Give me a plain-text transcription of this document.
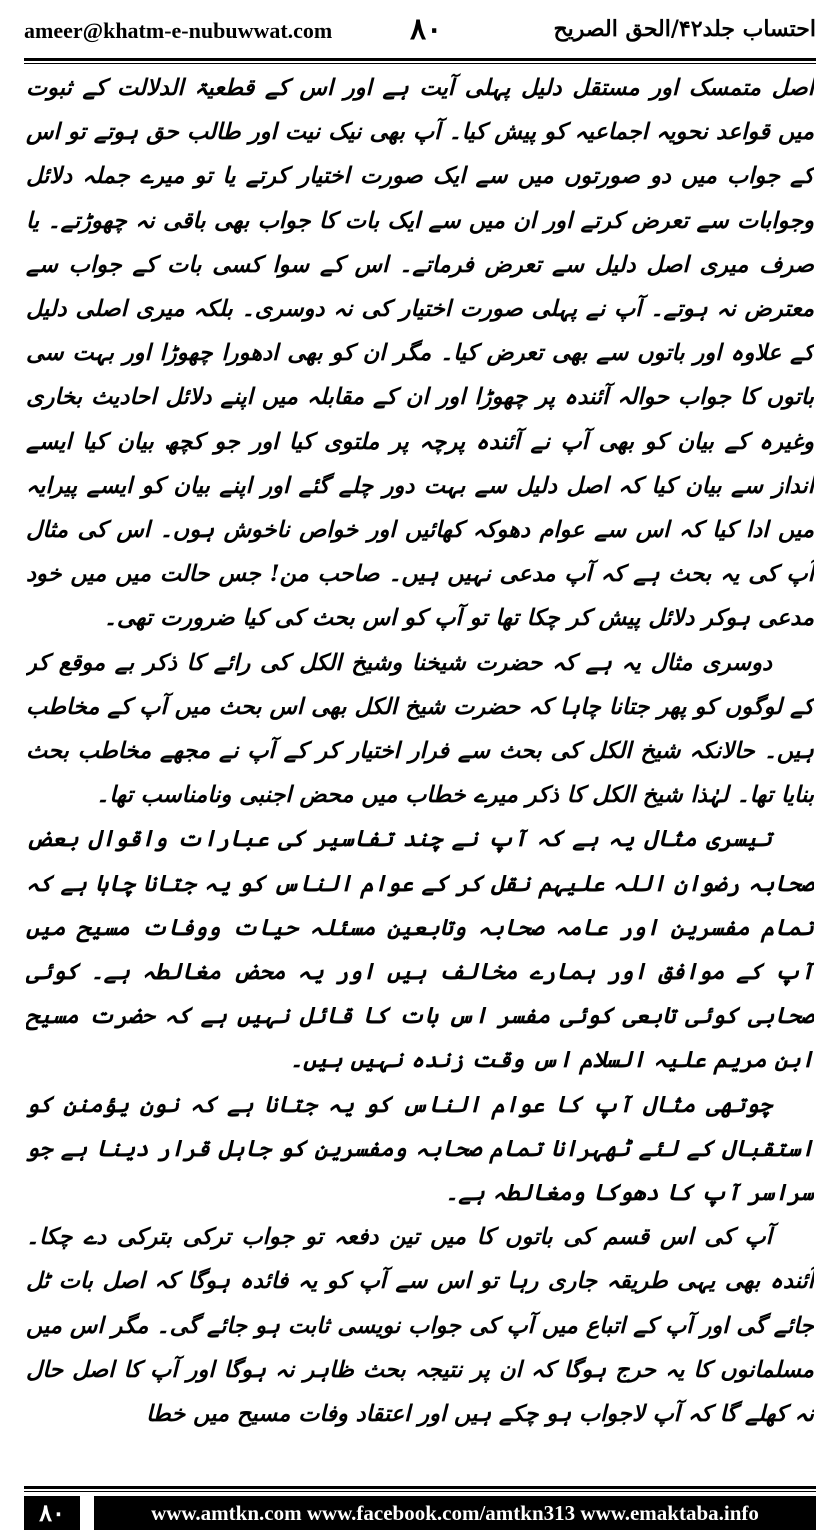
ameer@khatm-e-nubuwwat.com	۸۰	احتساب جلد۴۲/الحق الصریح

اصل متمسک اور مستقل دلیل پہلی آیت ہے اور اس کے قطعیۃ الدلالت کے ثبوت میں قواعد نحویہ اجماعیہ کو پیش کیا۔ آپ بھی نیک نیت اور طالب حق ہوتے تو اس کے جواب میں دو صورتوں میں سے ایک صورت اختیار کرتے یا تو میرے جملہ دلائل وجوابات سے تعرض کرتے اور ان میں سے ایک بات کا جواب بھی باقی نہ چھوڑتے۔ یا صرف میری اصل دلیل سے تعرض فرماتے۔ اس کے سوا کسی بات کے جواب سے معترض نہ ہوتے۔ آپ نے پہلی صورت اختیار کی نہ دوسری۔ بلکہ میری اصلی دلیل کے علاوہ اور باتوں سے بھی تعرض کیا۔ مگر ان کو بھی ادھورا چھوڑا اور بہت سی باتوں کا جواب حوالہ آئندہ پر چھوڑا اور ان کے مقابلہ میں اپنے دلائل احادیث بخاری وغیرہ کے بیان کو بھی آپ نے آئندہ پرچہ پر ملتوی کیا اور جو کچھ بیان کیا ایسے انداز سے بیان کیا کہ اصل دلیل سے بہت دور چلے گئے اور اپنے بیان کو ایسے پیرایہ میں ادا کیا کہ اس سے عوام دھوکہ کھائیں اور خواص ناخوش ہوں۔ اس کی مثال آپ کی یہ بحث ہے کہ آپ مدعی نہیں ہیں۔ صاحب من! جس حالت میں میں خود مدعی ہوکر دلائل پیش کر چکا تھا تو آپ کو اس بحث کی کیا ضرورت تھی۔

دوسری مثال یہ ہے کہ حضرت شیخنا وشیخ الکل کی رائے کا ذکر بے موقع کر کے لوگوں کو پھر جتانا چاہا کہ حضرت شیخ الکل بھی اس بحث میں آپ کے مخاطب ہیں۔ حالانکہ شیخ الکل کی بحث سے فرار اختیار کر کے آپ نے مجھے مخاطب بحث بنایا تھا۔ لہٰذا شیخ الکل کا ذکر میرے خطاب میں محض اجنبی ونامناسب تھا۔

تیسری مثال یہ ہے کہ آپ نے چند تفاسیر کی عبارات واقوال بعض صحابہ رضوان اللہ علیہم نقل کر کے عوام الناس کو یہ جتانا چاہا ہے کہ تمام مفسرین اور عامہ صحابہ وتابعین مسئلہ حیات ووفات مسیح میں آپ کے موافق اور ہمارے مخالف ہیں اور یہ محض مغالطہ ہے۔ کوئی صحابی کوئی تابعی کوئی مفسر اس بات کا قائل نہیں ہے کہ حضرت مسیح ابن مریم علیہ السلام اس وقت زندہ نہیں ہیں۔

چوتھی مثال آپ کا عوام الناس کو یہ جتانا ہے کہ نون یؤمنن کو استقبال کے لئے ٹھہرانا تمام صحابہ ومفسرین کو جاہل قرار دینا ہے جو سراسر آپ کا دھوکا ومغالطہ ہے۔

آپ کی اس قسم کی باتوں کا میں تین دفعہ تو جواب ترکی بترکی دے چکا۔ آئندہ بھی یہی طریقہ جاری رہا تو اس سے آپ کو یہ فائدہ ہوگا کہ اصل بات ٹل جائے گی اور آپ کے اتباع میں آپ کی جواب نویسی ثابت ہو جائے گی۔ مگر اس میں مسلمانوں کا یہ حرج ہوگا کہ ان پر نتیجہ بحث ظاہر نہ ہوگا اور آپ کا اصل حال نہ کھلے گا کہ آپ لاجواب ہو چکے ہیں اور اعتقاد وفات مسیح میں خطا

۸۰	www.amtkn.com www.facebook.com/amtkn313 www.emaktaba.info
